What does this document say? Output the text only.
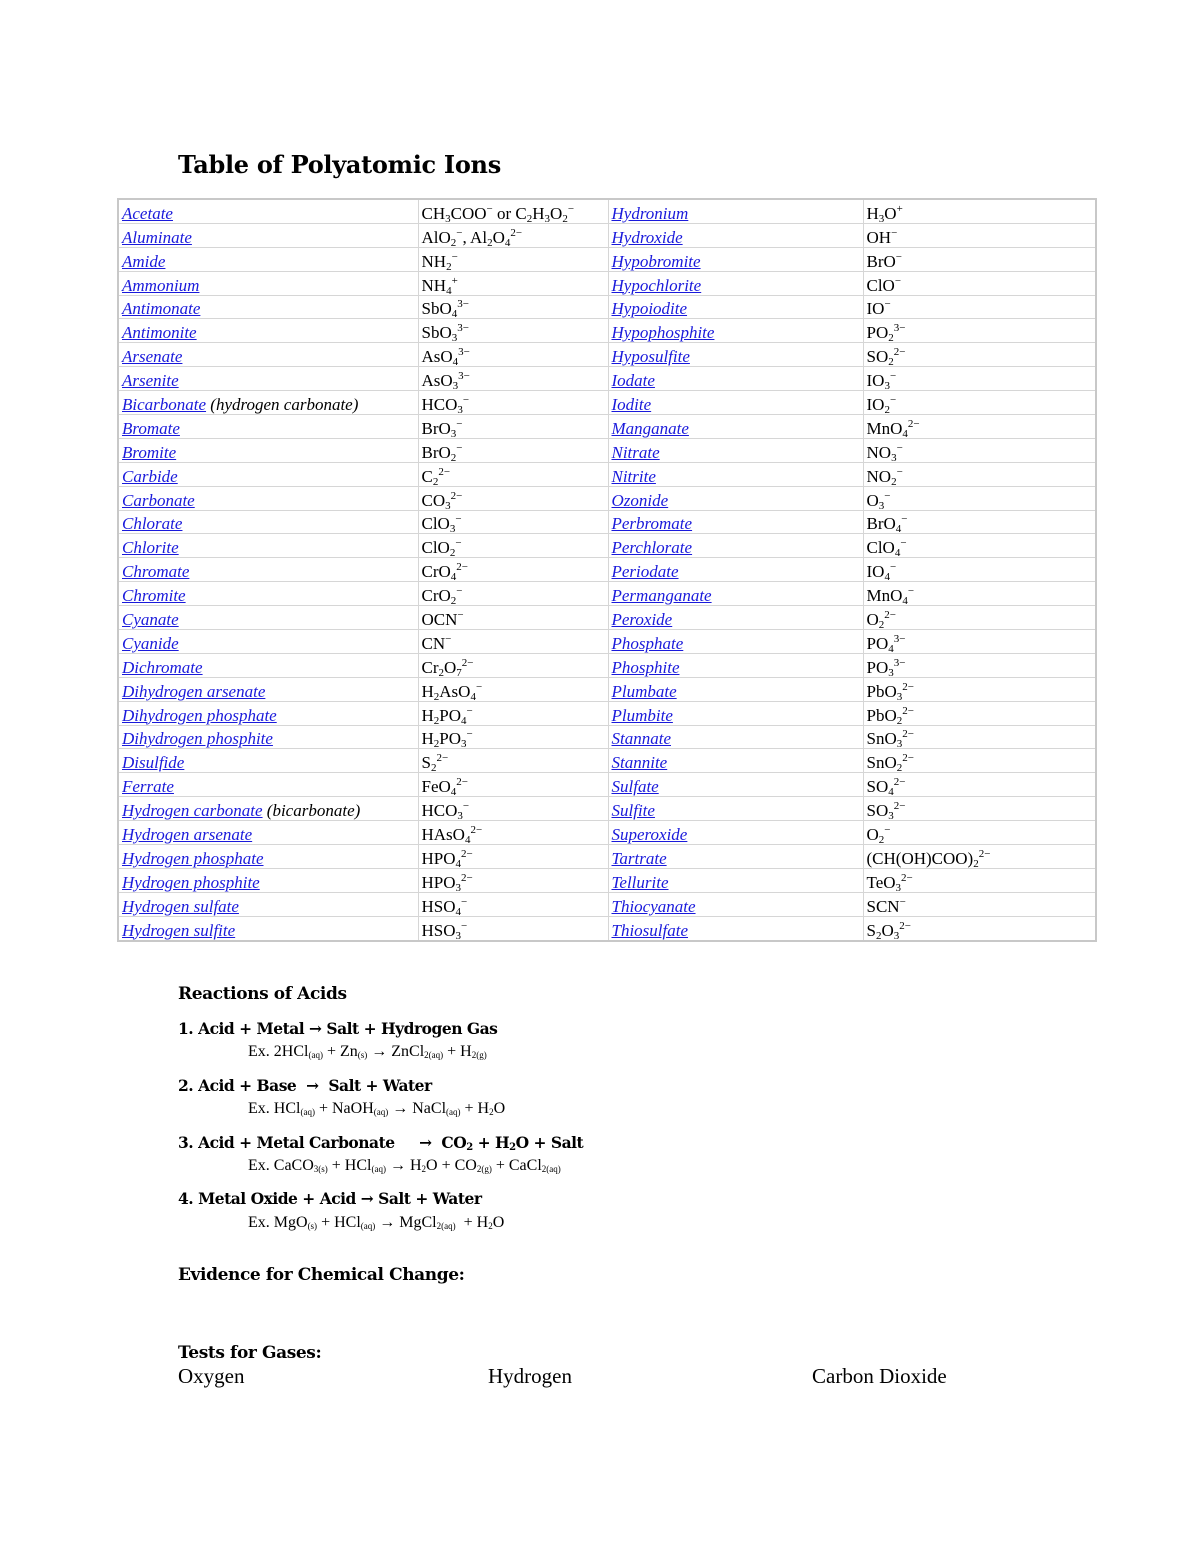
Table of Polyatomic Ions
Acetate	$CH_3COO^-$ or $C_2H_3O_2^-$	Hydronium	$H_3O^+$
Aluminate	AlO$_2$−, $Al_2O_4^{2-}$	Hydroxide	OH−
Amide	$NH_2^-$	Hypobromite	BrO−
Ammonium	$NH_4^+$	Hypochlorite	ClO−
Antimonate	SbO$_4^{3-}$	Hypoiodite	IO−
Antimonite	SbO$_3^{3-}$	Hypophosphite	$PO_2^{3-}$
Arsenate	AsO$_4^{3-}$	Hyposulfite	$SO_2^{2-}$
Arsenite	AsO$_3^{3-}$	Iodate	$IO_3^-$
Bicarbonate (hydrogen carbonate)	$HCO_3^-$	Iodite	$IO_2^-$
Bromate	BrO$_3$−	Manganate	MnO$_4^{2-}$
Bromite	BrO$_2$−	Nitrate	$NO_3^-$
Carbide	$C_2^{2-}$	Nitrite	$NO_2^-$
Carbonate	$CO_3^{2-}$	Ozonide	$O_3^-$
Chlorate	ClO$_3$−	Perbromate	BrO$_4$−
Chlorite	ClO$_2$−	Perchlorate	ClO$_4$−
Chromate	CrO$_4^{2-}$	Periodate	$IO_4^-$
Chromite	CrO$_2$−	Permanganate	MnO$_4$−
Cyanate	OCN−	Peroxide	$O_2^{2-}$
Cyanide	CN−	Phosphate	$PO_4^{3-}$
Dichromate	$Cr_2O_7^{2-}$	Phosphite	$PO_3^{3-}$
Dihydrogen arsenate	$H_2AsO_4^-$	Plumbate	PbO$_3^{2-}$
Dihydrogen phosphate	$H_2PO_4^-$	Plumbite	PbO$_2^{2-}$
Dihydrogen phosphite	$H_2PO_3^-$	Stannate	SnO$_3^{2-}$
Disulfide	$S_2^{2-}$	Stannite	SnO$_2^{2-}$
Ferrate	FeO$_4^{2-}$	Sulfate	$SO_4^{2-}$
Hydrogen carbonate (bicarbonate)	$HCO_3^-$	Sulfite	$SO_3^{2-}$
Hydrogen arsenate	HAsO$_4^{2-}$	Superoxide	$O_2^-$
Hydrogen phosphate	$HPO_4^{2-}$	Tartrate	$(CH(OH)COO)_2^{2-}$
Hydrogen phosphite	$HPO_3^{2-}$	Tellurite	TeO$_3^{2-}$
Hydrogen sulfate	$HSO_4^-$	Thiocyanate	SCN−
Hydrogen sulfite	$HSO_3^-$	Thiosulfate	$S_2O_3^{2-}$
Reactions of Acids
1. Acid + Metal → Salt + Hydrogen Gas
Ex. $2HCl_{(aq)} + Zn_{(s)}$ → ZnCl$_{2(aq)}$ + $H_{2(g)}$
2. Acid + Base  →  Salt + Water
Ex. HCl$_{(aq)}$ + NaOH$_{(aq)}$ → NaCl$_{(aq)}$ + $H_2O$
3. Acid + Metal Carbonate     →  $CO_2 + H_2O$ + Salt
Ex. CaCO$_{3(s)}$ + $HCl_{(aq)} \to H_2O + CO_{2(g)}$ + CaCl$_{2(aq)}$
4. Metal Oxide + Acid → Salt + Water
Ex. MgO$_{(s)}$ + HCl$_{(aq)}$ → MgCl$_{2(aq)}$  + $H_2O$
Evidence for Chemical Change:
Tests for Gases:
Oxygen	Hydrogen	Carbon Dioxide
